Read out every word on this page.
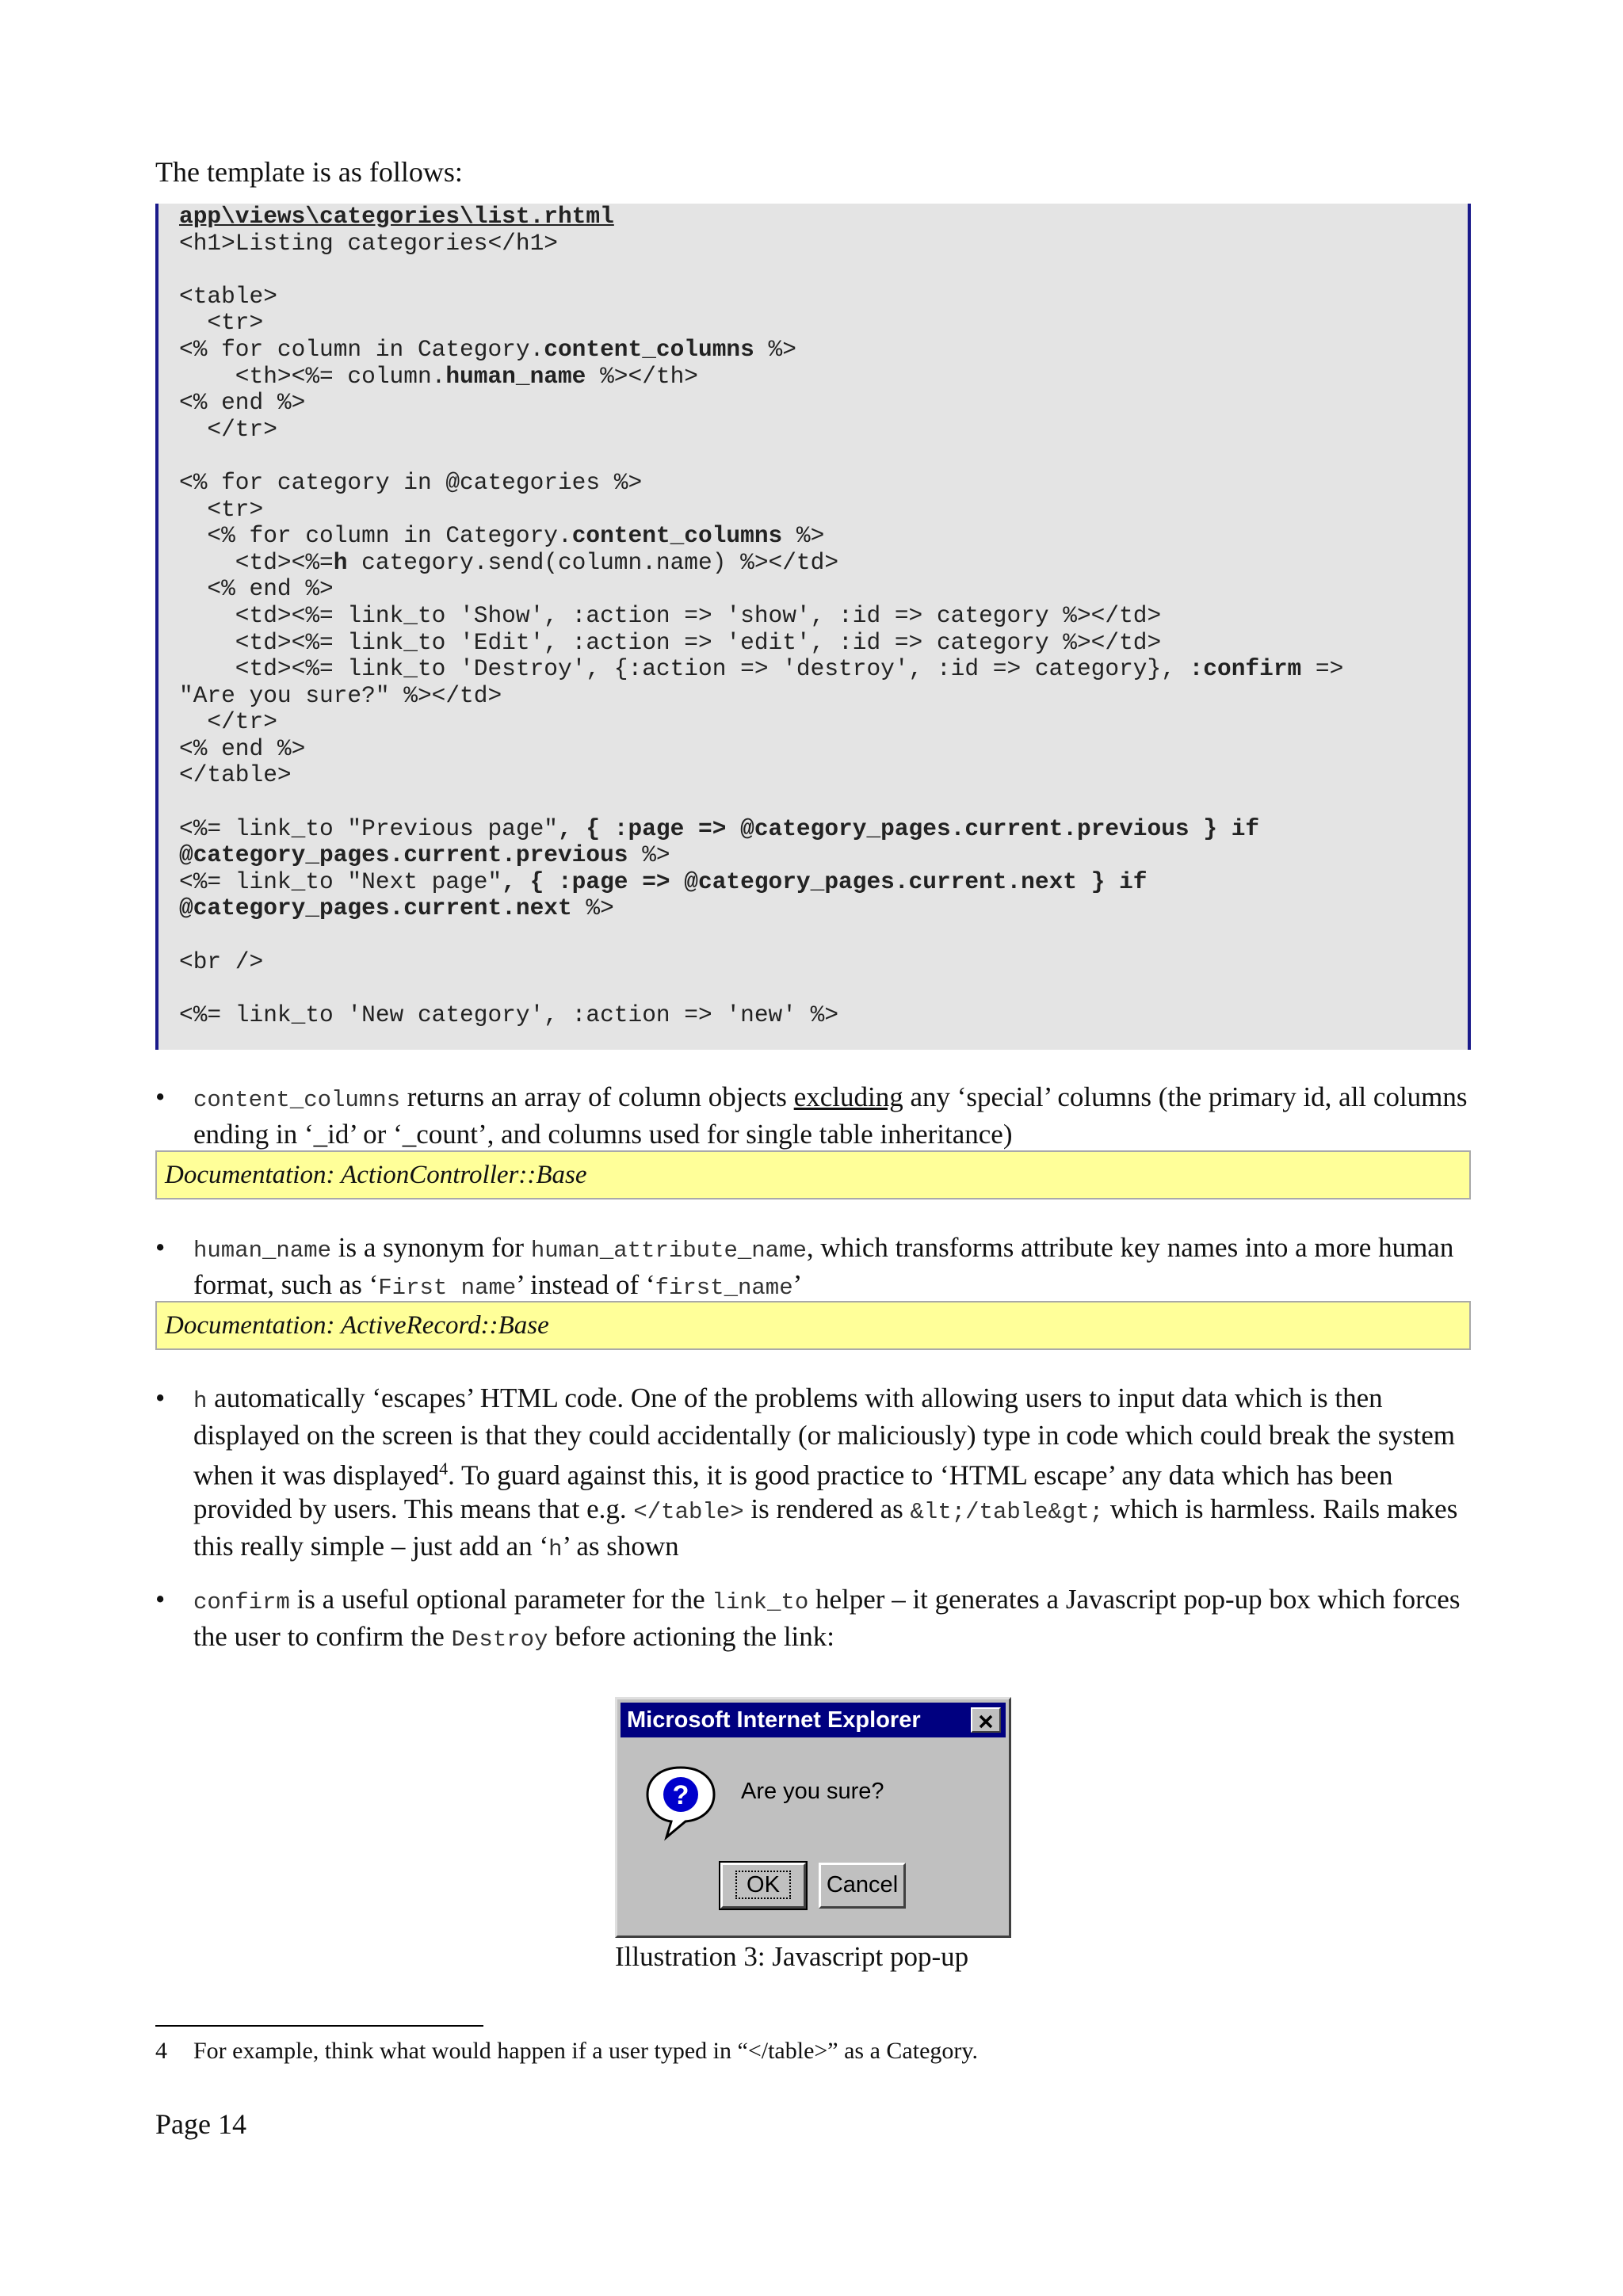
The template is as follows:
app\views\categories\list.rhtml
<h1>Listing categories</h1>

<table>
<tr>
<% for column in Category.content_columns %>
<th><%= column.human_name %></th>
<% end %>
</tr>

<% for category in @categories %>
<tr>
<% for column in Category.content_columns %>
<td><%=h category.send(column.name) %></td>
<% end %>
<td><%= link_to 'Show', :action => 'show', :id => category %></td>
<td><%= link_to 'Edit', :action => 'edit', :id => category %></td>
<td><%= link_to 'Destroy', {:action => 'destroy', :id => category}, :confirm =>
"Are you sure?" %></td>
</tr>
<% end %>
</table>

<%= link_to "Previous page", { :page => @category_pages.current.previous } if
@category_pages.current.previous %>
<%= link_to "Next page", { :page => @category_pages.current.next } if
@category_pages.current.next %>

<br />

<%= link_to 'New category', :action => 'new' %>
• content_columns returns an array of column objects excluding any ‘special’ columns (the primary id, all columns ending in ‘_id’ or ‘_count’, and columns used for single table inheritance)
Documentation: ActionController::Base
• human_name is a synonym for human_attribute_name, which transforms attribute key names into a more human format, such as ‘First name’ instead of ‘first_name’
Documentation: ActiveRecord::Base
• h automatically ‘escapes’ HTML code. One of the problems with allowing users to input data which is then displayed on the screen is that they could accidentally (or maliciously) type in code which could break the system when it was displayed$^4$. To guard against this, it is good practice to ‘HTML escape’ any data which has been provided by users. This means that e.g. </table> is rendered as &lt;/table&gt; which is harmless. Rails makes this really simple – just add an ‘h’ as shown
• confirm is a useful optional parameter for the link_to helper – it generates a Javascript pop-up box which forces the user to confirm the Destroy before actioning the link:
Microsoft Internet Explorer
? Are you sure?
OK	Cancel
Illustration 3: Javascript pop-up
4 For example, think what would happen if a user typed in “</table>” as a Category.
Page 14
